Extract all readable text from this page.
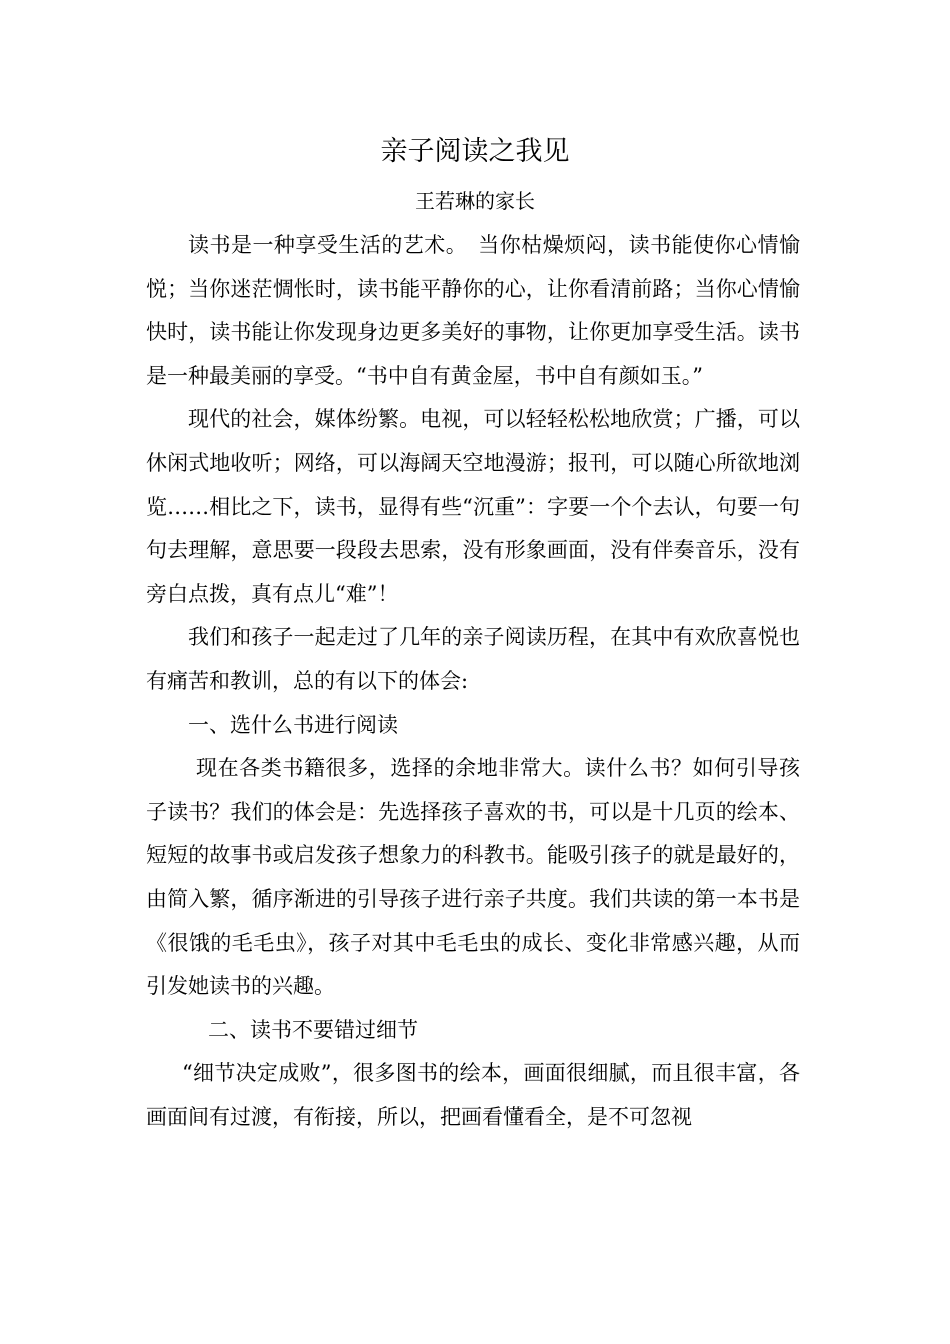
亲子阅读之我见
王若琳的家长

读书是一种享受生活的艺术。　当你枯燥烦闷，读书能使你心情愉悦；当你迷茫惆怅时，读书能平静你的心，让你看清前路；当你心情愉快时，读书能让你发现身边更多美好的事物，让你更加享受生活。读书是一种最美丽的享受。“书中自有黄金屋，书中自有颜如玉。”

现代的社会，媒体纷繁。电视，可以轻轻松松地欣赏；广播，可以休闲式地收听；网络，可以海阔天空地漫游；报刊，可以随心所欲地浏览……相比之下，读书，显得有些“沉重”：字要一个个去认，句要一句句去理解，意思要一段段去思索，没有形象画面，没有伴奏音乐，没有旁白点拨，真有点儿“难”！

我们和孩子一起走过了几年的亲子阅读历程，在其中有欢欣喜悦也有痛苦和教训，总的有以下的体会:

一、选什么书进行阅读

现在各类书籍很多，选择的余地非常大。读什么书？如何引导孩子读书？我们的体会是：先选择孩子喜欢的书，可以是十几页的绘本、短短的故事书或启发孩子想象力的科教书。能吸引孩子的就是最好的，由简入繁，循序渐进的引导孩子进行亲子共度。我们共读的第一本书是《很饿的毛毛虫》，孩子对其中毛毛虫的成长、变化非常感兴趣，从而引发她读书的兴趣。

二、读书不要错过细节

“细节决定成败”，很多图书的绘本，画面很细腻，而且很丰富，各画面间有过渡，有衔接，所以，把画看懂看全，是不可忽视
